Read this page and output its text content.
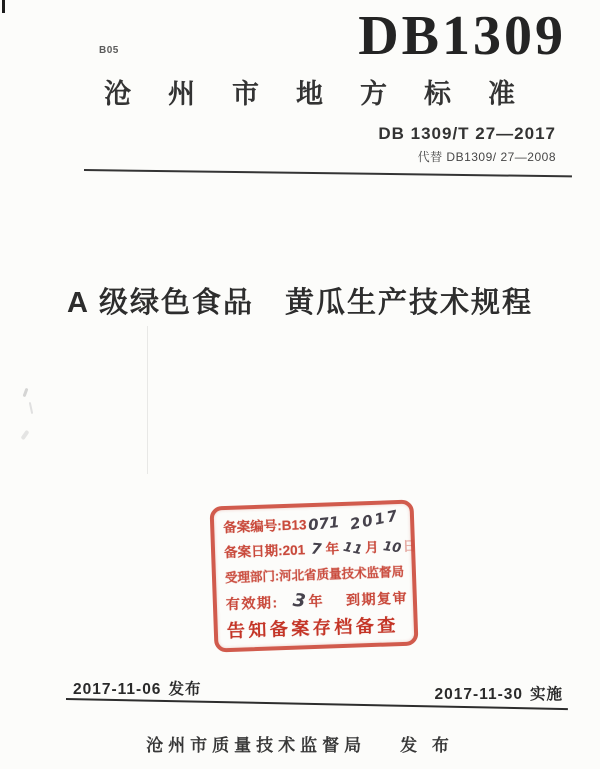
B05	DB1309
沧州市地方标准
DB 1309/T 27—2017
代替 DB1309/ 27—2008
A 级绿色食品　黄瓜生产技术规程
备案编号:B13071 2017
备案日期:201 7 年 11月 10日
受理部门:河北省质量技术监督局
有效期: 3年 到期复审
告知备案存档备查
2017-11-06 发布	2017-11-30 实施
沧州市质量技术监督局 发 布
